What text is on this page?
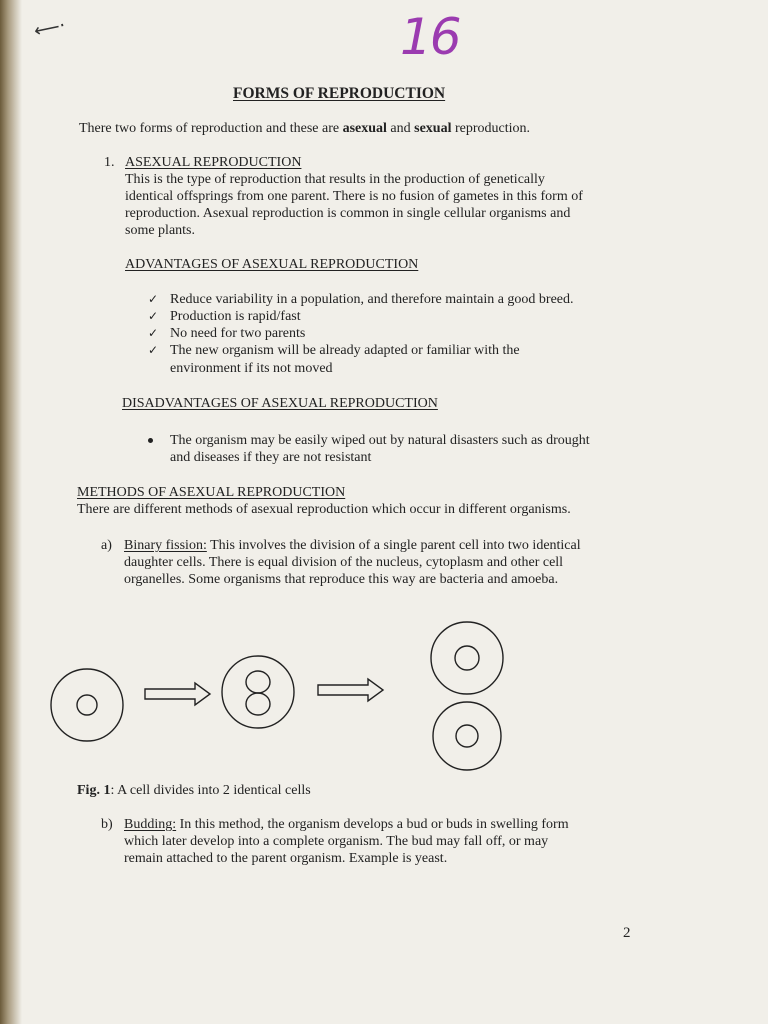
⟵·	16
FORMS OF REPRODUCTION
There two forms of reproduction and these are asexual and sexual reproduction.
1. ASEXUAL REPRODUCTION
This is the type of reproduction that results in the production of genetically
identical offsprings from one parent. There is no fusion of gametes in this form of
reproduction. Asexual reproduction is common in single cellular organisms and
some plants.
ADVANTAGES OF ASEXUAL REPRODUCTION
✓ Reduce variability in a population, and therefore maintain a good breed.
✓ Production is rapid/fast
✓ No need for two parents
✓ The new organism will be already adapted or familiar with the
environment if its not moved
DISADVANTAGES OF ASEXUAL REPRODUCTION
The organism may be easily wiped out by natural disasters such as drought
and diseases if they are not resistant
METHODS OF ASEXUAL REPRODUCTION
There are different methods of asexual reproduction which occur in different organisms.
a) Binary fission: This involves the division of a single parent cell into two identical
daughter cells. There is equal division of the nucleus, cytoplasm and other cell
organelles. Some organisms that reproduce this way are bacteria and amoeba.
Fig. 1: A cell divides into 2 identical cells
b) Budding: In this method, the organism develops a bud or buds in swelling form
which later develop into a complete organism. The bud may fall off, or may
remain attached to the parent organism. Example is yeast.
2
